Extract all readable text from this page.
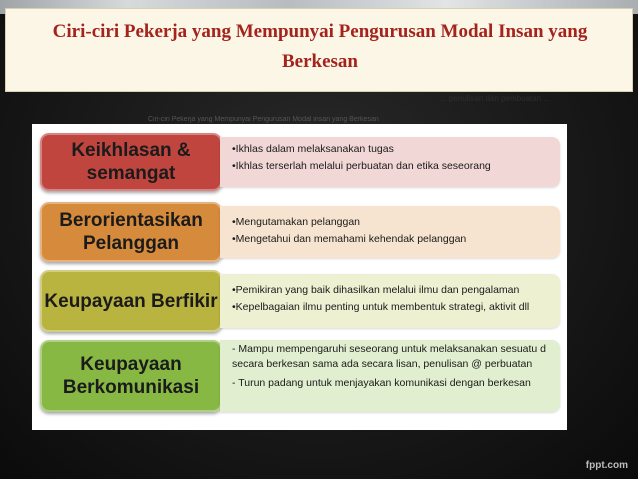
Ciri-ciri Pekerja yang Mempunyai Pengurusan Modal Insan yang Berkesan
... penulisan dan pembuatan ...
Ciri-ciri Pekerja yang Mempunyai Pengurusan Modal insan yang Berkesan
Keikhlasan &
semangat
•Ikhlas dalam melaksanakan tugas
•Ikhlas terserlah melalui perbuatan dan etika seseorang
Berorientasikan
Pelanggan
•Mengutamakan pelanggan
•Mengetahui dan memahami kehendak pelanggan
Keupayaan Berfikir
•Pemikiran yang baik dihasilkan melalui ilmu dan pengalaman
•Kepelbagaian ilmu penting untuk membentuk strategi, aktivit dll
Keupayaan
Berkomunikasi
- Mampu mempengaruhi seseorang untuk melaksanakan sesuatu d secara berkesan sama ada secara lisan, penulisan @ perbuatan
- Turun padang untuk menjayakan komunikasi dengan berkesan
fppt.com
